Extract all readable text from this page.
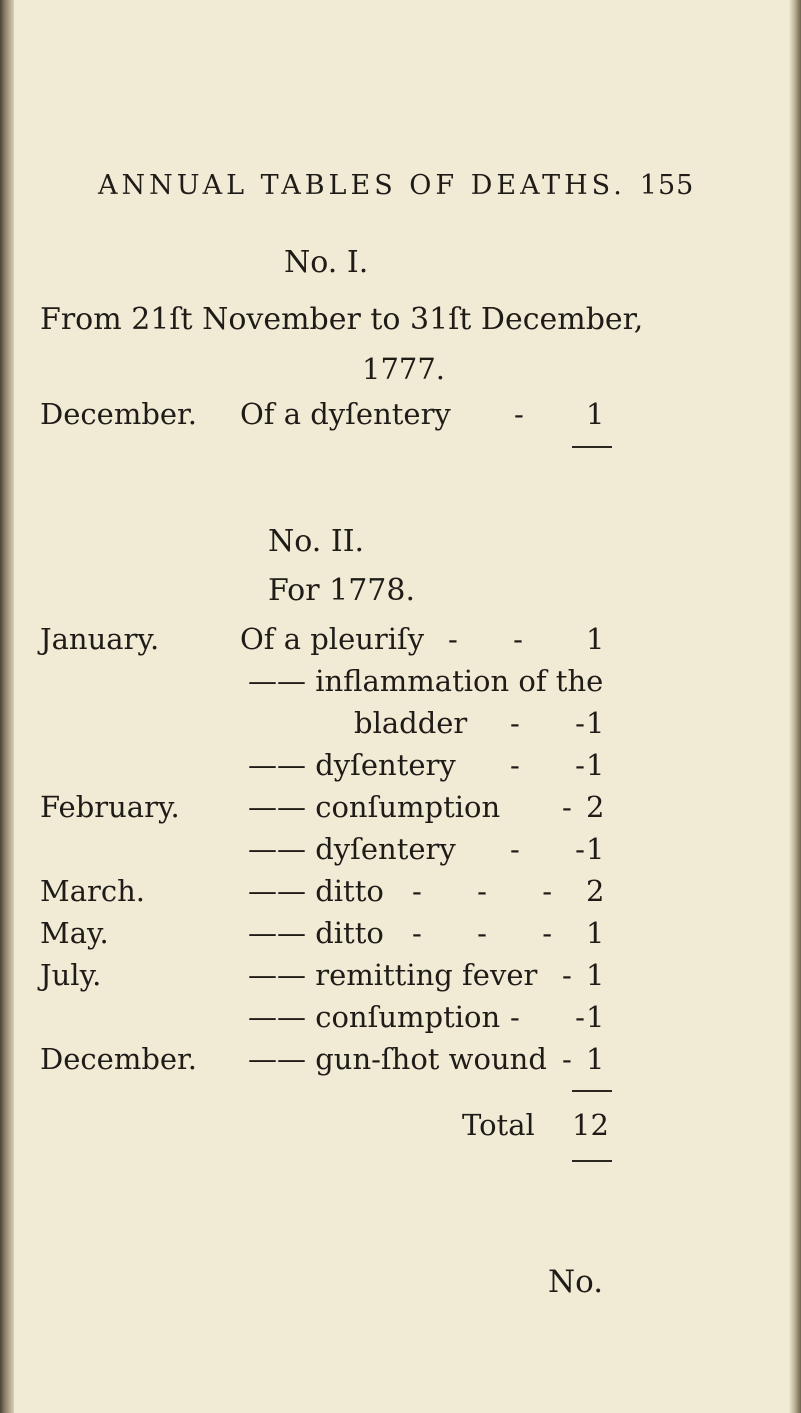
ANNUAL TABLES OF DEATHS. 155
No. I.
From 21ſt November to 31ſt December,
1777.
December. Of a dyſentery - 1
No. II.
For 1778.
January.	Of a pleuriſy -      - 1
—— inflammation of the
bladder -      - 1
—— dyſentery -      - 1
February. —— conſumption - 2
—— dyſentery -      - 1
March.	—— ditto -      -      - 2
May.	—— ditto -      -      - 1
July.	—— remitting fever - 1
—— conſumption -      - 1
December. —— gun-ſhot wound - 1
Total 12
No.
